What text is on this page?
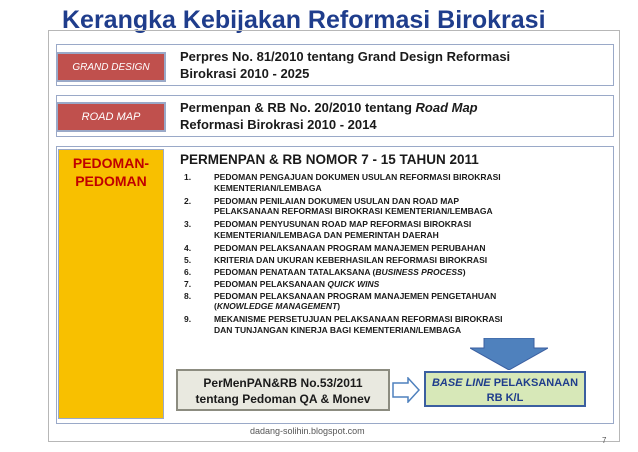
Kerangka Kebijakan Reformasi Birokrasi
GRAND DESIGN
Perpres No. 81/2010 tentang Grand Design Reformasi
Birokrasi 2010 - 2025
ROAD MAP
Permenpan & RB No. 20/2010 tentang Road Map
Reformasi Birokrasi 2010 - 2014
PEDOMAN-
PEDOMAN
PERMENPAN & RB NOMOR 7 - 15 TAHUN 2011
1.	PEDOMAN PENGAJUAN DOKUMEN USULAN REFORMASI BIROKRASI
KEMENTERIAN/LEMBAGA
2.	PEDOMAN PENILAIAN DOKUMEN USULAN DAN ROAD MAP
PELAKSANAAN REFORMASI BIROKRASI KEMENTERIAN/LEMBAGA
3.	PEDOMAN PENYUSUNAN ROAD MAP REFORMASI BIROKRASI
KEMENTERIAN/LEMBAGA DAN PEMERINTAH DAERAH
4.	PEDOMAN PELAKSANAAN PROGRAM MANAJEMEN PERUBAHAN
5.	KRITERIA DAN UKURAN KEBERHASILAN REFORMASI BIROKRASI
6.	PEDOMAN PENATAAN TATALAKSANA (BUSINESS PROCESS)
7.	PEDOMAN PELAKSANAAN QUICK WINS
8.	PEDOMAN PELAKSANAAN PROGRAM MANAJEMEN PENGETAHUAN
(KNOWLEDGE MANAGEMENT)
9.	MEKANISME PERSETUJUAN PELAKSANAAN REFORMASI BIROKRASI
DAN TUNJANGAN KINERJA BAGI KEMENTERIAN/LEMBAGA
PerMenPAN&RB No.53/2011
tentang Pedoman QA & Monev
BASE LINE PELAKSANAAN
RB K/L
dadang-solihin.blogspot.com
7
